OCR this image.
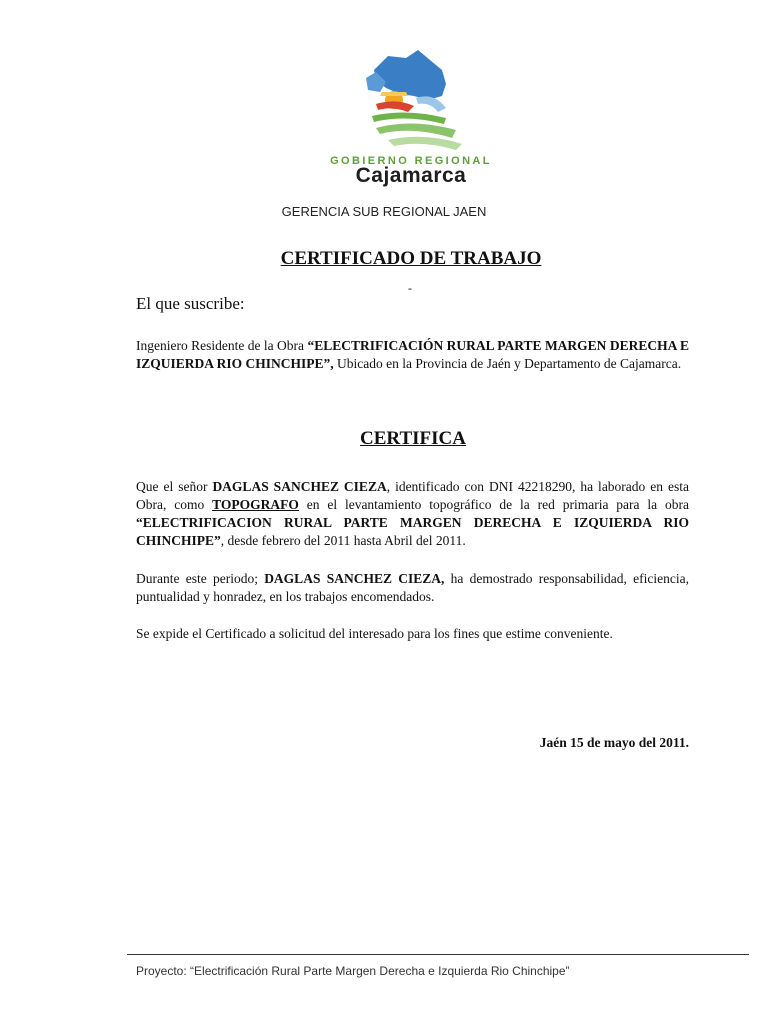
GOBIERNO REGIONAL
Cajamarca
GERENCIA SUB REGIONAL JAEN
CERTIFICADO DE TRABAJO
-
El que suscribe:

Ingeniero Residente de la Obra “ELECTRIFICACIÓN RURAL PARTE MARGEN DERECHA E IZQUIERDA RIO CHINCHIPE”, Ubicado en la Provincia de Jaén y Departamento de Cajamarca.

CERTIFICA

Que el señor DAGLAS SANCHEZ CIEZA, identificado con DNI 42218290, ha laborado en esta Obra, como TOPOGRAFO en el levantamiento topográfico de la red primaria para la obra “ELECTRIFICACION RURAL PARTE MARGEN DERECHA E IZQUIERDA RIO CHINCHIPE”, desde febrero del 2011 hasta Abril del 2011.

Durante este periodo; DAGLAS SANCHEZ CIEZA, ha demostrado responsabilidad, eficiencia, puntualidad y honradez, en los trabajos encomendados.

Se expide el Certificado a solicitud del interesado para los fines que estime conveniente.

Jaén 15 de mayo del 2011.
Proyecto: “Electrificación Rural Parte Margen Derecha e Izquierda Rio Chinchipe”
